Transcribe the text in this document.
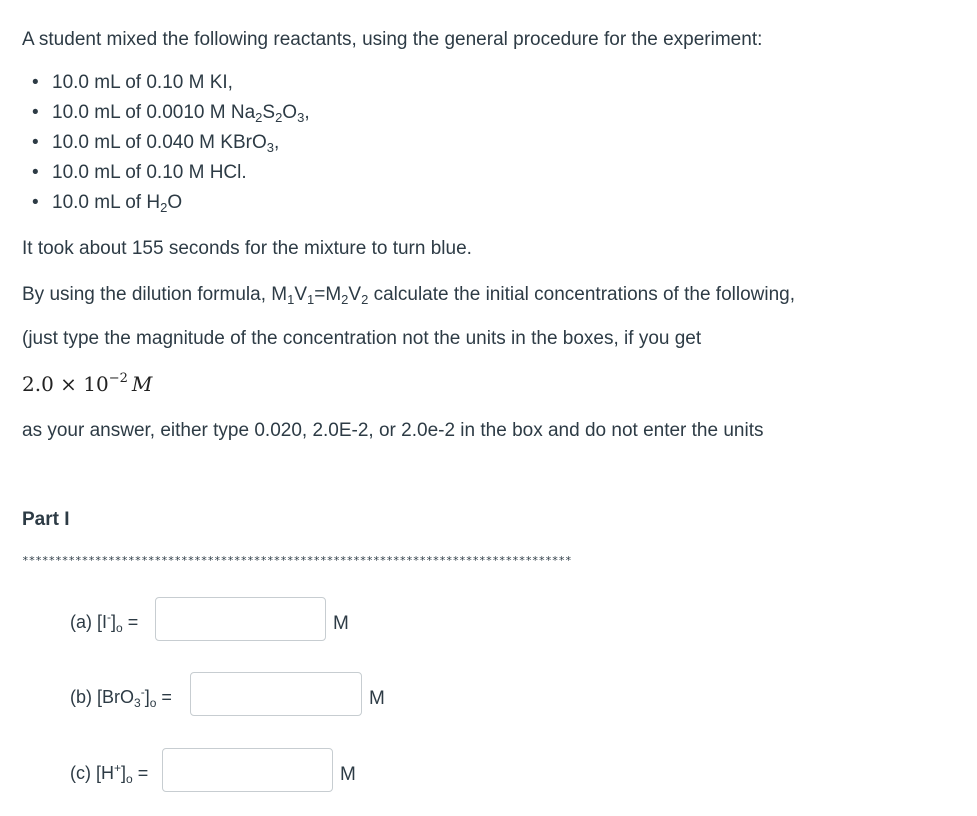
A student mixed the following reactants, using the general procedure for the experiment:
• 10.0 mL of 0.10 M KI,
• 10.0 mL of 0.0010 M $Na_2S_2O_3$,
• 10.0 mL of 0.040 M KBrO$_3$,
• 10.0 mL of 0.10 M HCl.
• 10.0 mL of $H_2O$
It took about 155 seconds for the mixture to turn blue.
By using the dilution formula, $M_1V_1=M_2V_2$ calculate the initial concentrations of the following,
(just type the magnitude of the concentration not the units in the boxes, if you get
$2.0 \times 10^{-2}$ M
as your answer, either type 0.020, 2.0E-2, or 2.0e-2 in the box and do not enter the units
Part I
***********************************************************************************
(a) $[I^-]_o$ =	M
(b) $[BrO_3^-]_o$ =	M
(c) $[H^+]_o$ =	M
